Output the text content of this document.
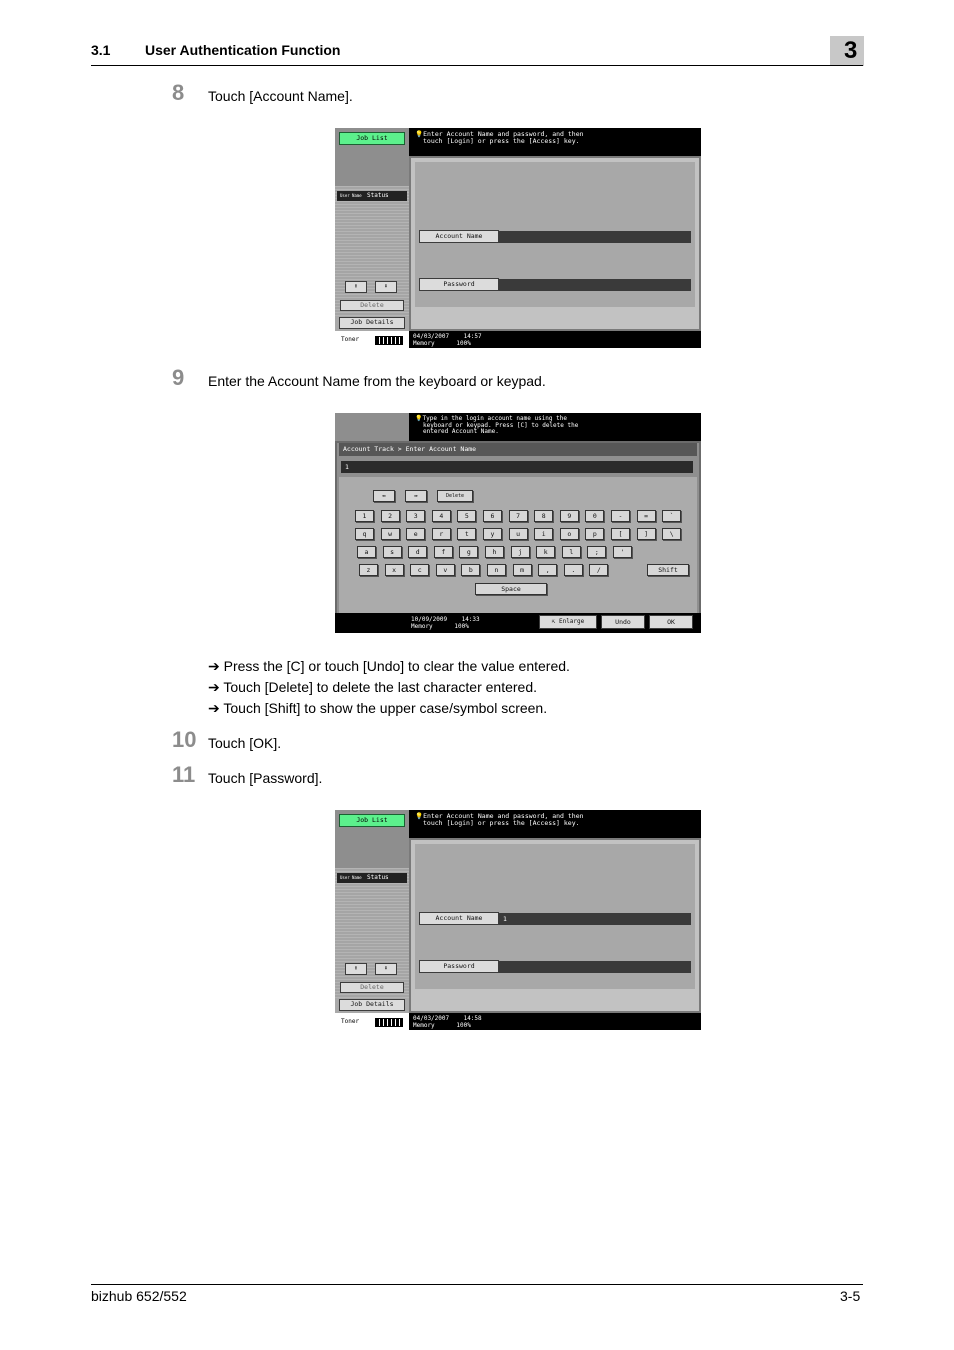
3.1 User Authentication Function	3
8 Touch [Account Name].
Job List
User Name Status
⬆	⬇
Delete
Job Details
Toner
💡Enter Account Name and password, and then
touch [Login] or press the [Access] key.
Account Name
Password
04/03/2007 14:57
Memory	100%
9 Enter the Account Name from the keyboard or keypad.
💡Type in the login account name using the
keyboard or keypad. Press [C] to delete the
entered Account Name.
Account Track > Enter Account Name
1
⬅	➡	Delete
1	2	3	4	5	6	7	8	9	0	-	=	`
q	w	e	r	t	y	u	i	o	p	[	]	\
a	s	d	f	g	h	j	k	l	;	'
z	x	c	v	b	n	m	,	.	/	Shift
Space
10/09/2009 14:33
Memory	100%
⇱ Enlarge	Undo	OK
➔ Press the [C] or touch [Undo] to clear the value entered.
➔ Touch [Delete] to delete the last character entered.
➔ Touch [Shift] to show the upper case/symbol screen.
10 Touch [OK].
11 Touch [Password].
Job List
User Name Status
⬆	⬇
Delete
Job Details
Toner
💡Enter Account Name and password, and then
touch [Login] or press the [Access] key.
Account Name	1
Password
04/03/2007 14:58
Memory	100%
bizhub 652/552	3-5
